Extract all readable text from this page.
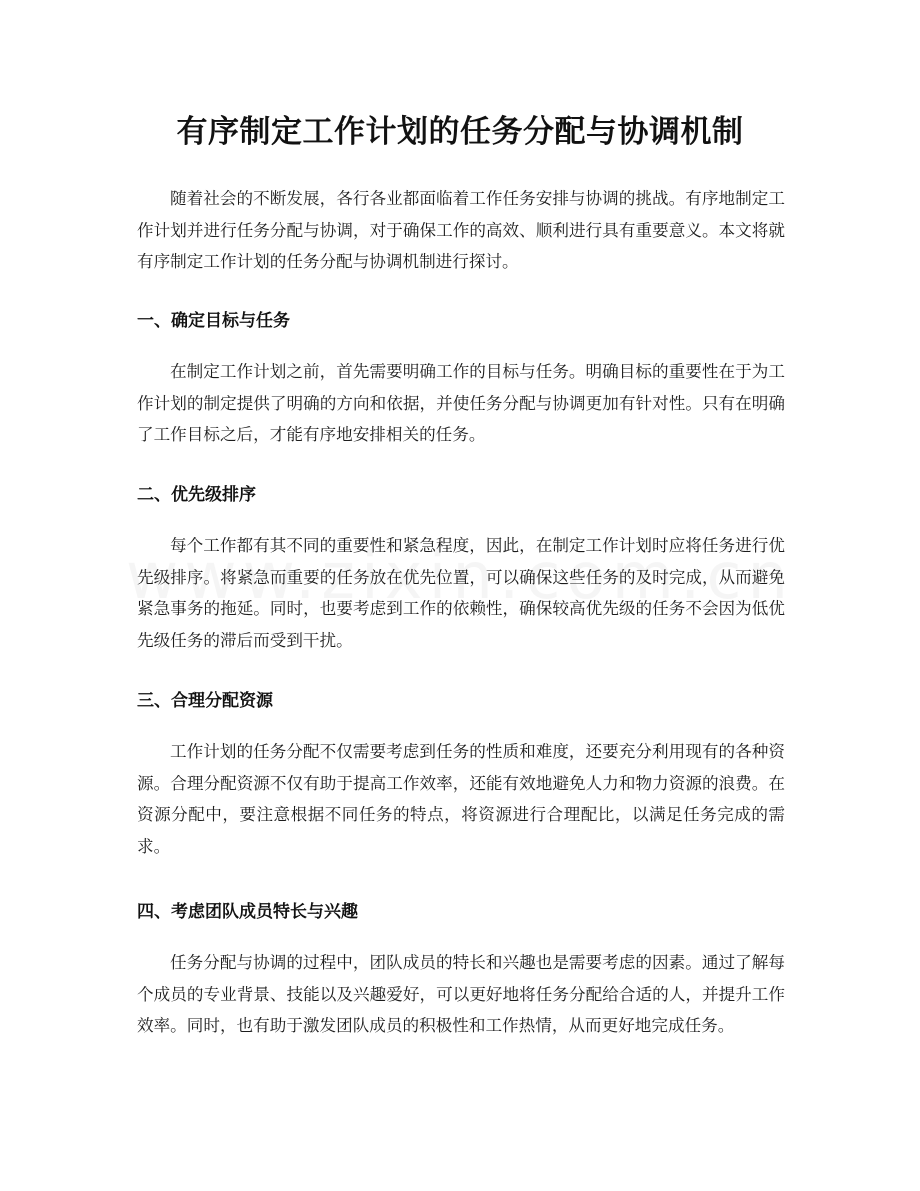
有序制定工作计划的任务分配与协调机制

随着社会的不断发展，各行各业都面临着工作任务安排与协调的挑战。有序地制定工作计划并进行任务分配与协调，对于确保工作的高效、顺利进行具有重要意义。本文将就有序制定工作计划的任务分配与协调机制进行探讨。

一、确定目标与任务

在制定工作计划之前，首先需要明确工作的目标与任务。明确目标的重要性在于为工作计划的制定提供了明确的方向和依据，并使任务分配与协调更加有针对性。只有在明确了工作目标之后，才能有序地安排相关的任务。

二、优先级排序

每个工作都有其不同的重要性和紧急程度，因此，在制定工作计划时应将任务进行优先级排序。将紧急而重要的任务放在优先位置，可以确保这些任务的及时完成，从而避免紧急事务的拖延。同时，也要考虑到工作的依赖性，确保较高优先级的任务不会因为低优先级任务的滞后而受到干扰。

三、合理分配资源

工作计划的任务分配不仅需要考虑到任务的性质和难度，还要充分利用现有的各种资源。合理分配资源不仅有助于提高工作效率，还能有效地避免人力和物力资源的浪费。在资源分配中，要注意根据不同任务的特点，将资源进行合理配比，以满足任务完成的需求。

四、考虑团队成员特长与兴趣

任务分配与协调的过程中，团队成员的特长和兴趣也是需要考虑的因素。通过了解每个成员的专业背景、技能以及兴趣爱好，可以更好地将任务分配给合适的人，并提升工作效率。同时，也有助于激发团队成员的积极性和工作热情，从而更好地完成任务。
